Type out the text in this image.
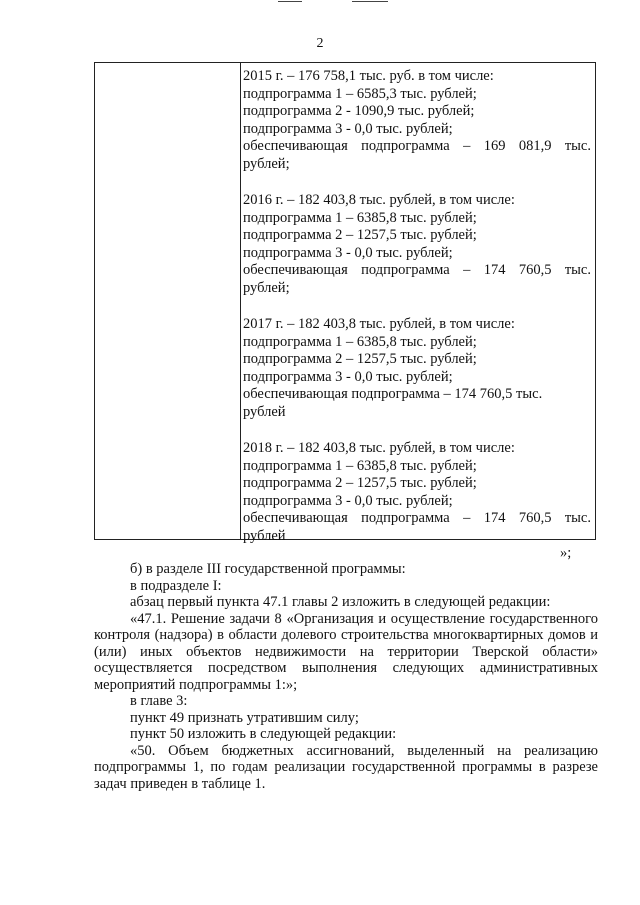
2
2015 г. – 176 758,1 тыс. руб. в том числе:
подпрограмма 1 – 6585,3 тыс. рублей;
подпрограмма 2 - 1090,9 тыс. рублей;
подпрограмма 3 - 0,0 тыс. рублей;
обеспечивающая подпрограмма – 169 081,9 тыс.
рублей;
2016 г. – 182 403,8 тыс. рублей, в том числе:
подпрограмма 1 – 6385,8 тыс. рублей;
подпрограмма 2 – 1257,5 тыс. рублей;
подпрограмма 3 - 0,0 тыс. рублей;
обеспечивающая подпрограмма – 174 760,5 тыс.
рублей;
2017 г. – 182 403,8 тыс. рублей, в том числе:
подпрограмма 1 – 6385,8 тыс. рублей;
подпрограмма 2 – 1257,5 тыс. рублей;
подпрограмма 3 - 0,0 тыс. рублей;
обеспечивающая подпрограмма – 174 760,5 тыс.
рублей
2018 г. – 182 403,8 тыс. рублей, в том числе:
подпрограмма 1 – 6385,8 тыс. рублей;
подпрограмма 2 – 1257,5 тыс. рублей;
подпрограмма 3 - 0,0 тыс. рублей;
обеспечивающая подпрограмма – 174 760,5 тыс.
рублей
»;
б) в разделе III государственной программы:
в подразделе I:
абзац первый пункта 47.1 главы 2 изложить в следующей редакции:
«47.1. Решение задачи 8 «Организация и осуществление государственного контроля (надзора) в области долевого строительства многоквартирных домов и (или) иных объектов недвижимости на территории Тверской области» осуществляется посредством выполнения следующих административных мероприятий подпрограммы 1:»;
в главе 3:
пункт 49 признать утратившим силу;
пункт 50 изложить в следующей редакции:
«50. Объем бюджетных ассигнований, выделенный на реализацию подпрограммы 1, по годам реализации государственной программы в разрезе задач приведен в таблице 1.
